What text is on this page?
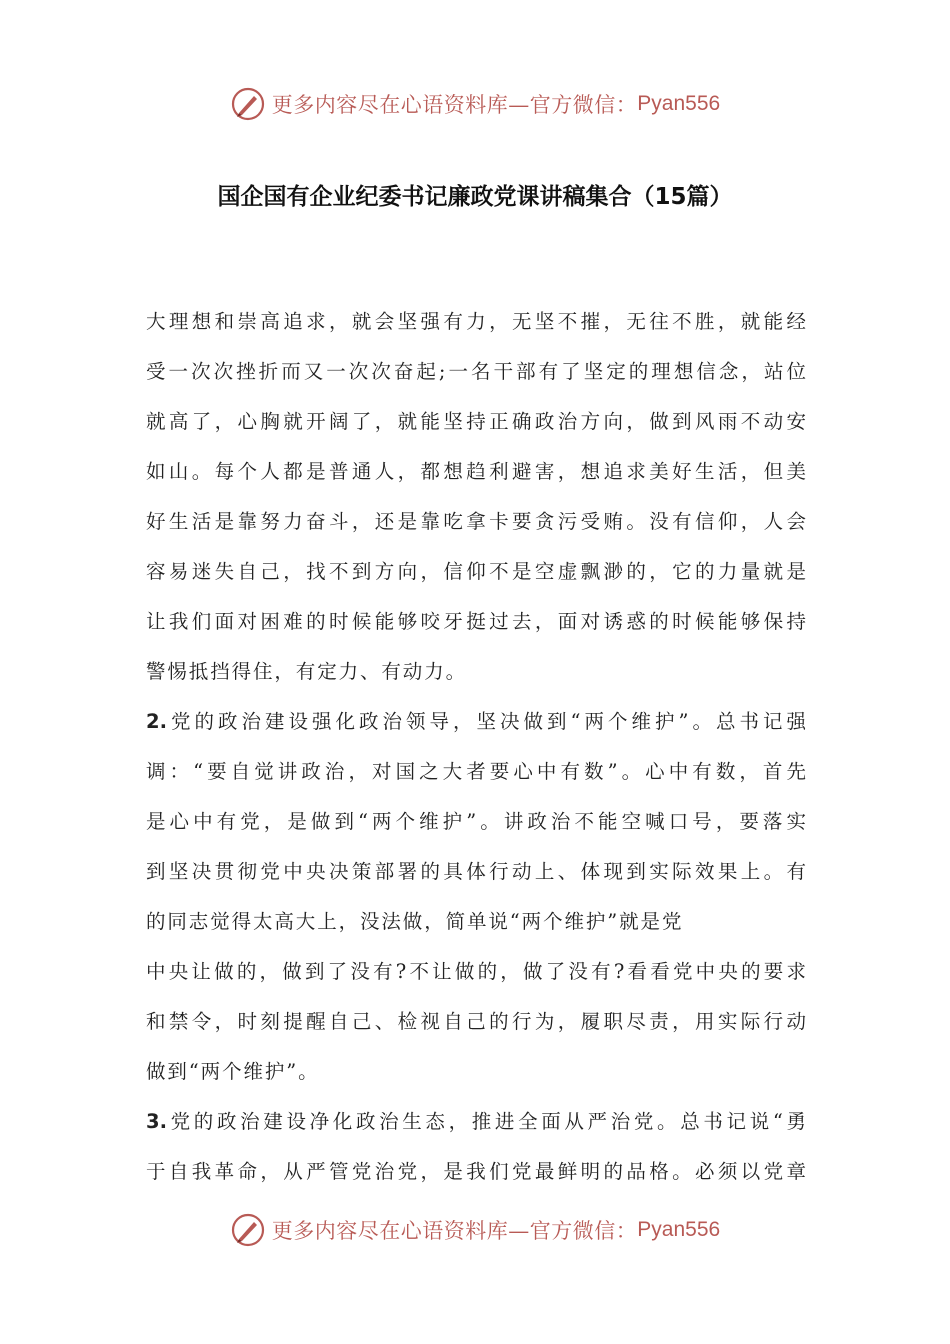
更多内容尽在心语资料库—官方微信： Pyan556
国企国有企业纪委书记廉政党课讲稿集合（15篇）
大理想和崇高追求，就会坚强有力，无坚不摧，无往不胜，就能经
受一次次挫折而又一次次奋起;一名干部有了坚定的理想信念，站位
就高了，心胸就开阔了，就能坚持正确政治方向，做到风雨不动安
如山。每个人都是普通人，都想趋利避害，想追求美好生活，但美
好生活是靠努力奋斗，还是靠吃拿卡要贪污受贿。没有信仰，人会
容易迷失自己，找不到方向，信仰不是空虚飘渺的，它的力量就是
让我们面对困难的时候能够咬牙挺过去，面对诱惑的时候能够保持
警惕抵挡得住，有定力、有动力。
2.党的政治建设强化政治领导，坚决做到“两个维护”。总书记强
调：“要自觉讲政治，对国之大者要心中有数”。心中有数，首先
是心中有党，是做到“两个维护”。讲政治不能空喊口号，要落实
到坚决贯彻党中央决策部署的具体行动上、体现到实际效果上。有
的同志觉得太高大上，没法做，简单说“两个维护”就是党
中央让做的，做到了没有?不让做的，做了没有?看看党中央的要求
和禁令，时刻提醒自己、检视自己的行为，履职尽责，用实际行动
做到“两个维护”。
3.党的政治建设净化政治生态，推进全面从严治党。总书记说“勇
于自我革命，从严管党治党，是我们党最鲜明的品格。必须以党章
更多内容尽在心语资料库—官方微信： Pyan556
